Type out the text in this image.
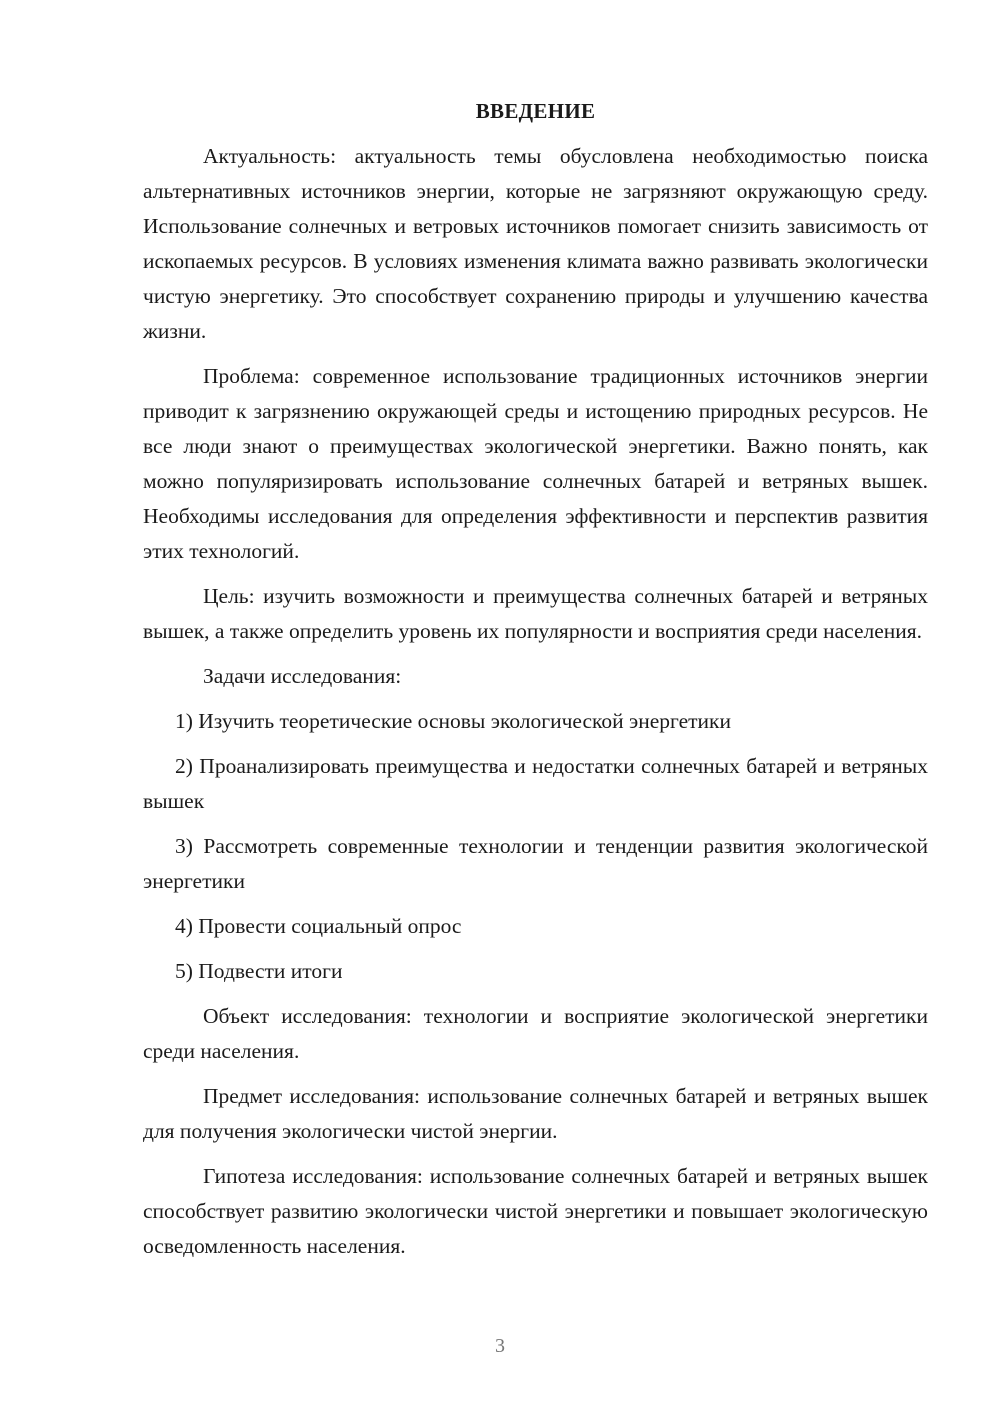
ВВЕДЕНИЕ

Актуальность: актуальность темы обусловлена необходимостью поиска альтернативных источников энергии, которые не загрязняют окружающую среду. Использование солнечных и ветровых источников помогает снизить зависимость от ископаемых ресурсов. В условиях изменения климата важно развивать экологически чистую энергетику. Это способствует сохранению природы и улучшению качества жизни.

Проблема: современное использование традиционных источников энергии приводит к загрязнению окружающей среды и истощению природных ресурсов. Не все люди знают о преимуществах экологической энергетики. Важно понять, как можно популяризировать использование солнечных батарей и ветряных вышек. Необходимы исследования для определения эффективности и перспектив развития этих технологий.

Цель: изучить возможности и преимущества солнечных батарей и ветряных вышек, а также определить уровень их популярности и восприятия среди населения.

Задачи исследования:

1) Изучить теоретические основы экологической энергетики

2) Проанализировать преимущества и недостатки солнечных батарей и ветряных вышек

3) Рассмотреть современные технологии и тенденции развития экологической энергетики

4) Провести социальный опрос

5) Подвести итоги

Объект исследования: технологии и восприятие экологической энергетики среди населения.

Предмет исследования: использование солнечных батарей и ветряных вышек для получения экологически чистой энергии.

Гипотеза исследования: использование солнечных батарей и ветряных вышек способствует развитию экологически чистой энергетики и повышает экологическую осведомленность населения.

3
